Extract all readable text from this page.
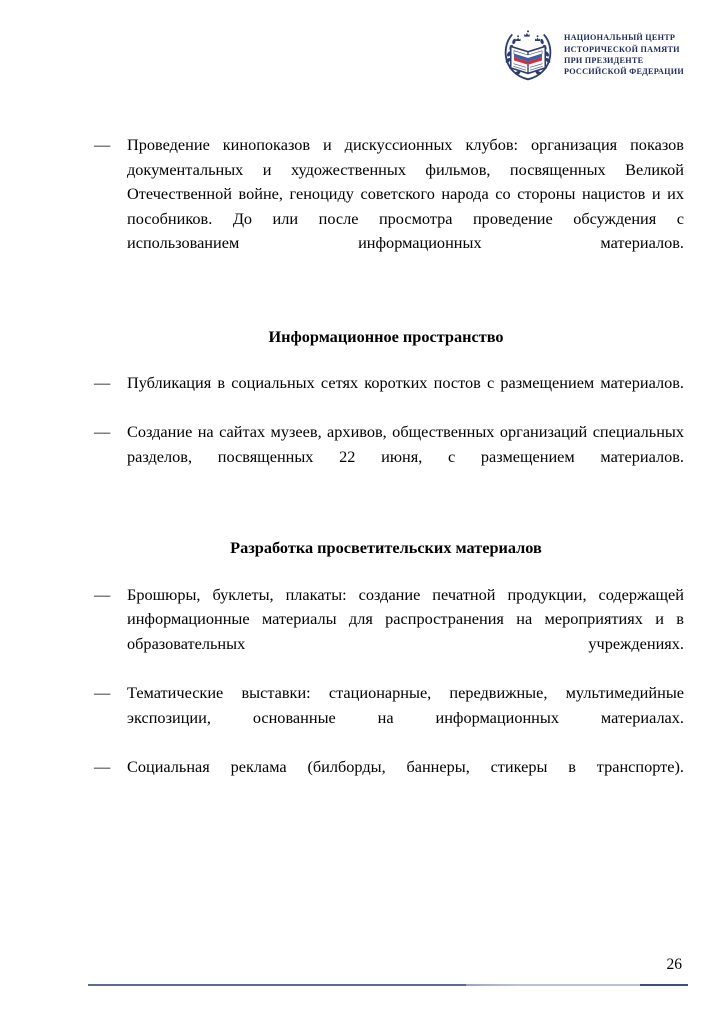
НАЦИОНАЛЬНЫЙ ЦЕНТР
ИСТОРИЧЕСКОЙ ПАМЯТИ
ПРИ ПРЕЗИДЕНТЕ
РОССИЙСКОЙ ФЕДЕРАЦИИ
— Проведение кинопоказов и дискуссионных клубов: организация показов документальных и художественных фильмов, посвященных Великой Отечественной войне, геноциду советского народа со стороны нацистов и их пособников. До или после просмотра проведение обсуждения с использованием информационных материалов.
Информационное пространство
— Публикация в социальных сетях коротких постов с размещением материалов.
— Создание на сайтах музеев, архивов, общественных организаций специальных разделов, посвященных 22 июня, с размещением материалов.
Разработка просветительских материалов
— Брошюры, буклеты, плакаты: создание печатной продукции, содержащей информационные материалы для распространения на мероприятиях и в образовательных учреждениях.
— Тематические выставки: стационарные, передвижные, мультимедийные экспозиции, основанные на информационных материалах.
— Социальная реклама (билборды, баннеры, стикеры в транспорте).
26
